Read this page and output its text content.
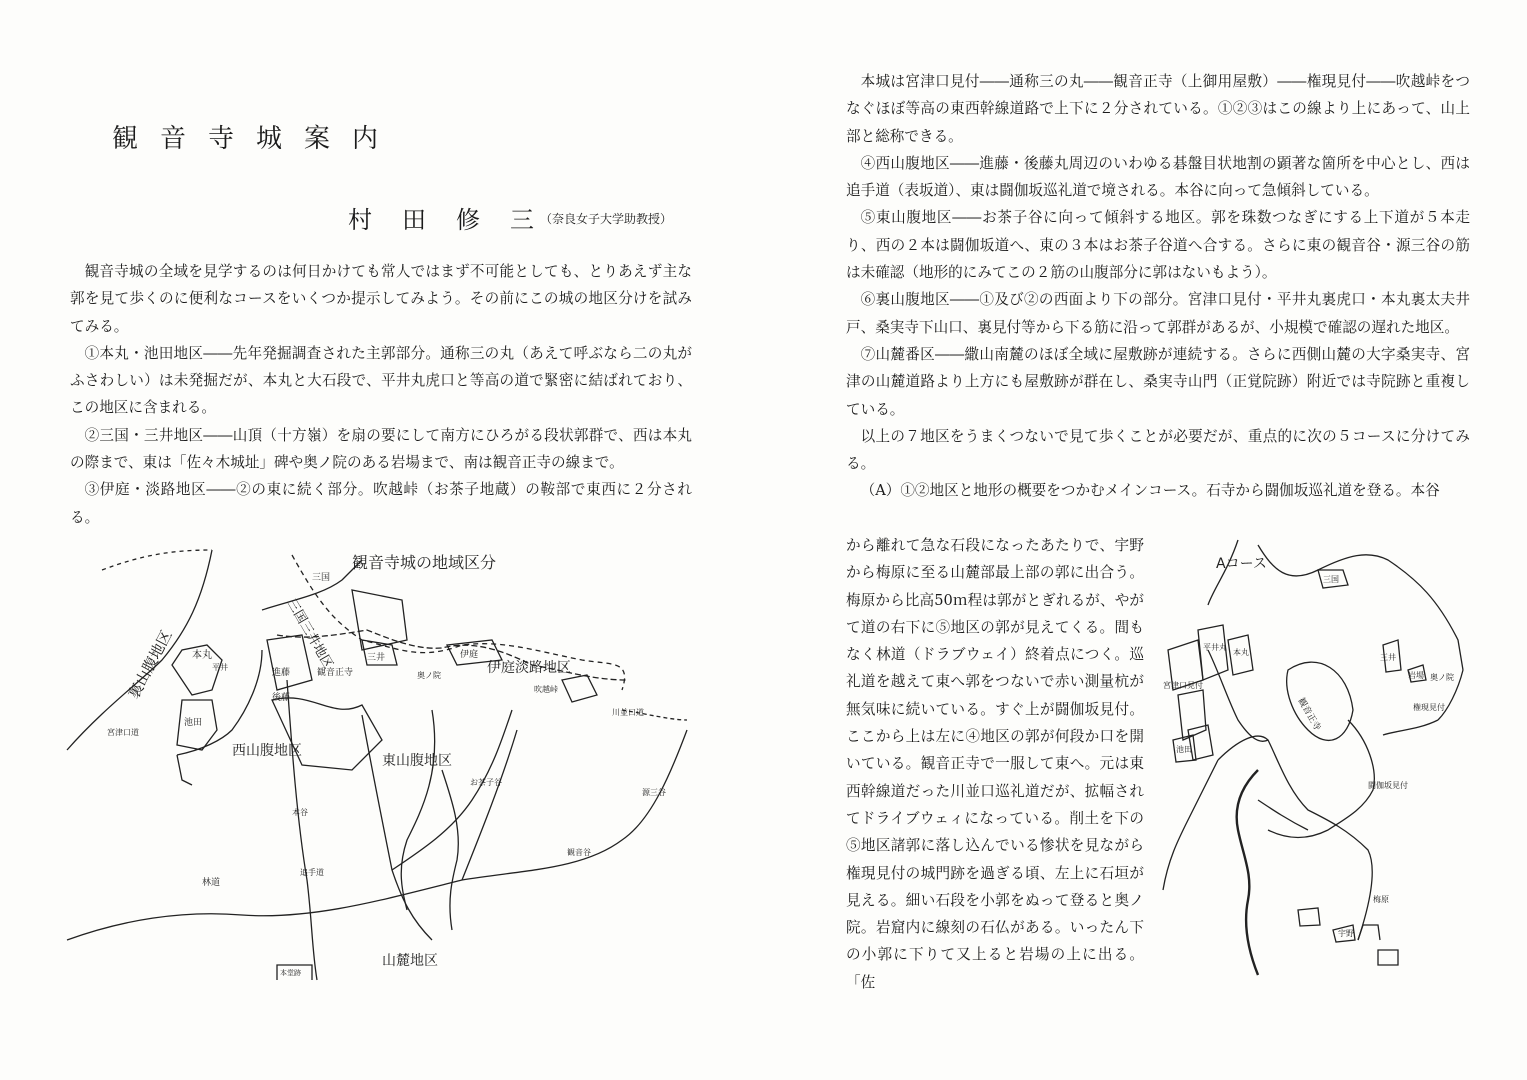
観音寺城案内
村田修三
（奈良女子大学助教授）

観音寺城の全域を見学するのは何日かけても常人ではまず不可能としても、とりあえず主な郭を見て歩くのに便利なコースをいくつか提示してみよう。その前にこの城の地区分けを試みてみる。

①本丸・池田地区――先年発掘調査された主郭部分。通称三の丸（あえて呼ぶなら二の丸がふさわしい）は未発掘だが、本丸と大石段で、平井丸虎口と等高の道で緊密に結ばれており、この地区に含まれる。

②三国・三井地区――山頂（十方嶺）を扇の要にして南方にひろがる段状郭群で、西は本丸の際まで、東は「佐々木城址」碑や奥ノ院のある岩場まで、南は観音正寺の線まで。

③伊庭・淡路地区――②の東に続く部分。吹越峠（お茶子地蔵）の鞍部で東西に２分される。

観音寺城の地域区分
三国三井地区	伊庭淡路地区
西山腹地区
東山腹地区
山麓地区
裏山腹地区 本丸
池田
三国
三井	伊庭
奥ノ院
観音正寺
進藤
後藤
吹越峠
宮津口道
川並口道
林道
本谷
お茶子谷
源三谷
観音谷
追手道
本堂跡
平井

本城は宮津口見付――通称三の丸――観音正寺（上御用屋敷）――権現見付――吹越峠をつなぐほぼ等高の東西幹線道路で上下に２分されている。①②③はこの線より上にあって、山上部と総称できる。

④西山腹地区――進藤・後藤丸周辺のいわゆる碁盤目状地割の顕著な箇所を中心とし、西は追手道（表坂道）、東は闘伽坂巡礼道で境される。本谷に向って急傾斜している。

⑤東山腹地区――お茶子谷に向って傾斜する地区。郭を珠数つなぎにする上下道が５本走り、西の２本は闘伽坂道へ、東の３本はお茶子谷道へ合する。さらに東の観音谷・源三谷の筋は未確認（地形的にみてこの２筋の山腹部分に郭はないもよう）。

⑥裏山腹地区――①及び②の西面より下の部分。宮津口見付・平井丸裏虎口・本丸裏太夫井戸、桑実寺下山口、裏見付等から下る筋に沿って郭群があるが、小規模で確認の遅れた地区。

⑦山麓番区――繖山南麓のほぼ全域に屋敷跡が連続する。さらに西側山麓の大字桑実寺、宮津の山麓道路より上方にも屋敷跡が群在し、桑実寺山門（正覚院跡）附近では寺院跡と重複している。

以上の７地区をうまくつないで見て歩くことが必要だが、重点的に次の５コースに分けてみる。

（A）①②地区と地形の概要をつかむメインコース。石寺から闘伽坂巡礼道を登る。本谷

から離れて急な石段になったあたりで、宇野から梅原に至る山麓部最上部の郭に出合う。梅原から比高50ｍ程は郭がとぎれるが、やがて道の右下に⑤地区の郭が見えてくる。間もなく林道（ドラブウェイ）終着点につく。巡礼道を越えて東へ郭をつないで赤い測量杭が無気味に続いている。すぐ上が闘伽坂見付。ここから上は左に④地区の郭が何段か口を開いている。観音正寺で一服して東へ。元は東西幹線道だった川並口巡礼道だが、拡幅されてドライブウェィになっている。削土を下の⑤地区諸郭に落し込んでいる惨状を見ながら権現見付の城門跡を過ぎる頃、左上に石垣が見える。細い石段を小郭をぬって登ると奥ノ院。岩窟内に線刻の石仏がある。いったん下の小郭に下りて又上ると岩場の上に出る。「佐

Aコース
三国
平井丸
本丸
宮津口見付
池田
観音正寺
三井
岩場 奥ノ院
権現見付
闘伽坂見付
梅原
宇野
